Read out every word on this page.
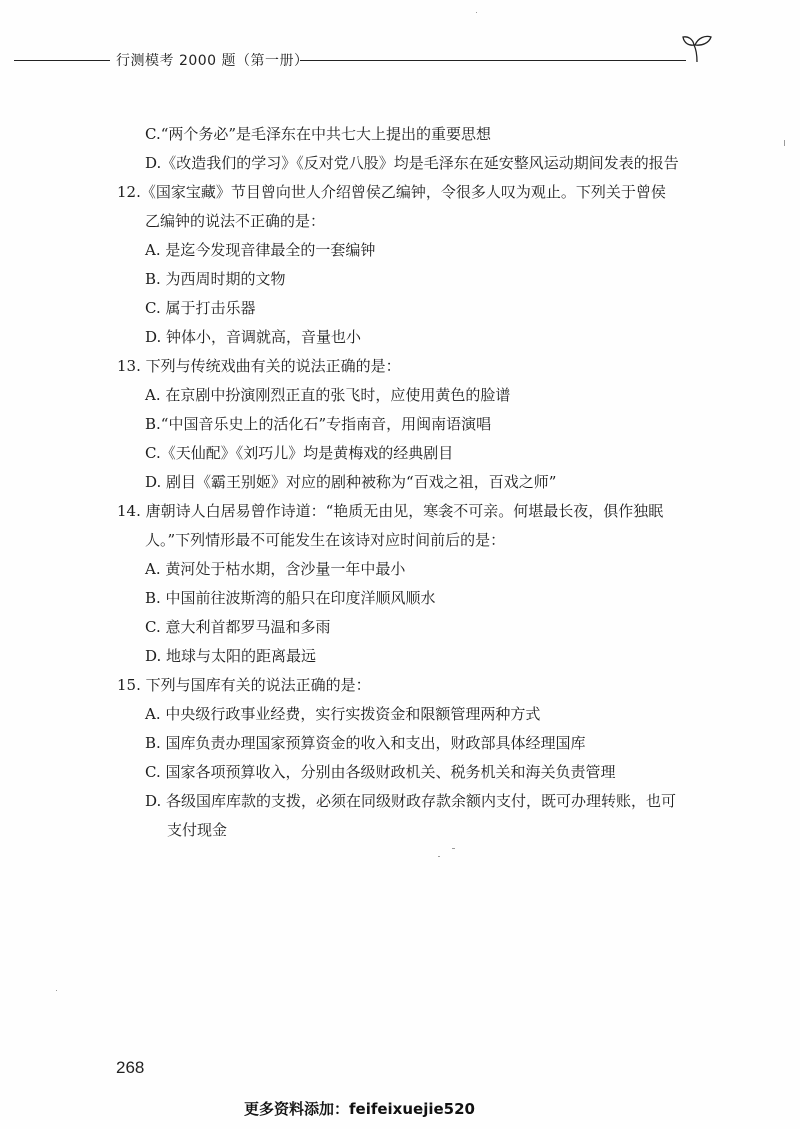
行测模考 2000 题（第一册）
C.“两个务必”是毛泽东在中共七大上提出的重要思想
D.《改造我们的学习》《反对党八股》均是毛泽东在延安整风运动期间发表的报告
12.《国家宝藏》节目曾向世人介绍曾侯乙编钟，令很多人叹为观止。下列关于曾侯
乙编钟的说法不正确的是：
A. 是迄今发现音律最全的一套编钟
B. 为西周时期的文物
C. 属于打击乐器
D. 钟体小，音调就高，音量也小
13. 下列与传统戏曲有关的说法正确的是：
A. 在京剧中扮演刚烈正直的张飞时，应使用黄色的脸谱
B.“中国音乐史上的活化石”专指南音，用闽南语演唱
C.《天仙配》《刘巧儿》均是黄梅戏的经典剧目
D. 剧目《霸王别姬》对应的剧种被称为“百戏之祖，百戏之师”
14. 唐朝诗人白居易曾作诗道：“艳质无由见，寒衾不可亲。何堪最长夜，俱作独眠
人。”下列情形最不可能发生在该诗对应时间前后的是：
A. 黄河处于枯水期，含沙量一年中最小
B. 中国前往波斯湾的船只在印度洋顺风顺水
C. 意大利首都罗马温和多雨
D. 地球与太阳的距离最远
15. 下列与国库有关的说法正确的是：
A. 中央级行政事业经费，实行实拨资金和限额管理两种方式
B. 国库负责办理国家预算资金的收入和支出，财政部具体经理国库
C. 国家各项预算收入，分别由各级财政机关、税务机关和海关负责管理
D. 各级国库库款的支拨，必须在同级财政存款余额内支付，既可办理转账，也可
支付现金
268
更多资料添加：feifeixuejie520
